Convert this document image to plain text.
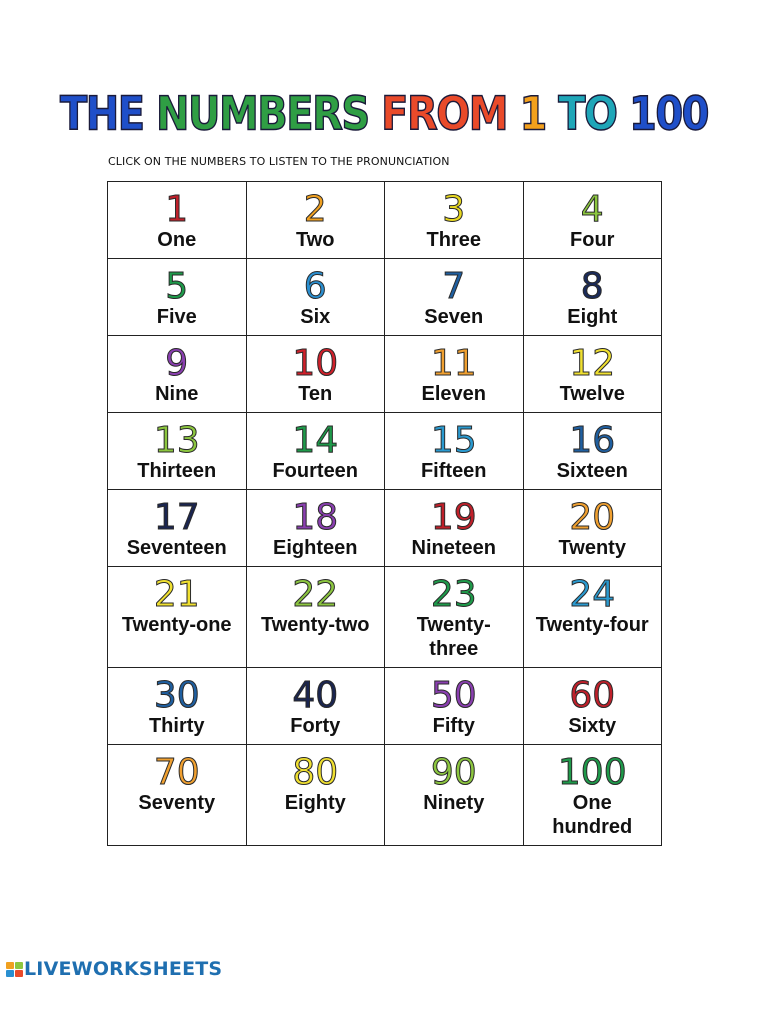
THE NUMBERS FROM 1 TO 100
CLICK ON THE NUMBERS TO LISTEN TO THE PRONUNCIATION
1
One
2
Two
3
Three
4
Four
5
Five
6
Six
7
Seven
8
Eight
9
Nine
10
Ten
11
Eleven
12
Twelve
13
Thirteen
14
Fourteen
15
Fifteen
16
Sixteen
17
Seventeen
18
Eighteen
19
Nineteen
20
Twenty
21
Twenty-one
22
Twenty-two
23
Twenty-three
24
Twenty-four
30
Thirty
40
Forty
50
Fifty
60
Sixty
70
Seventy
80
Eighty
90
Ninety
100
One hundred
LIVEWORKSHEETS
